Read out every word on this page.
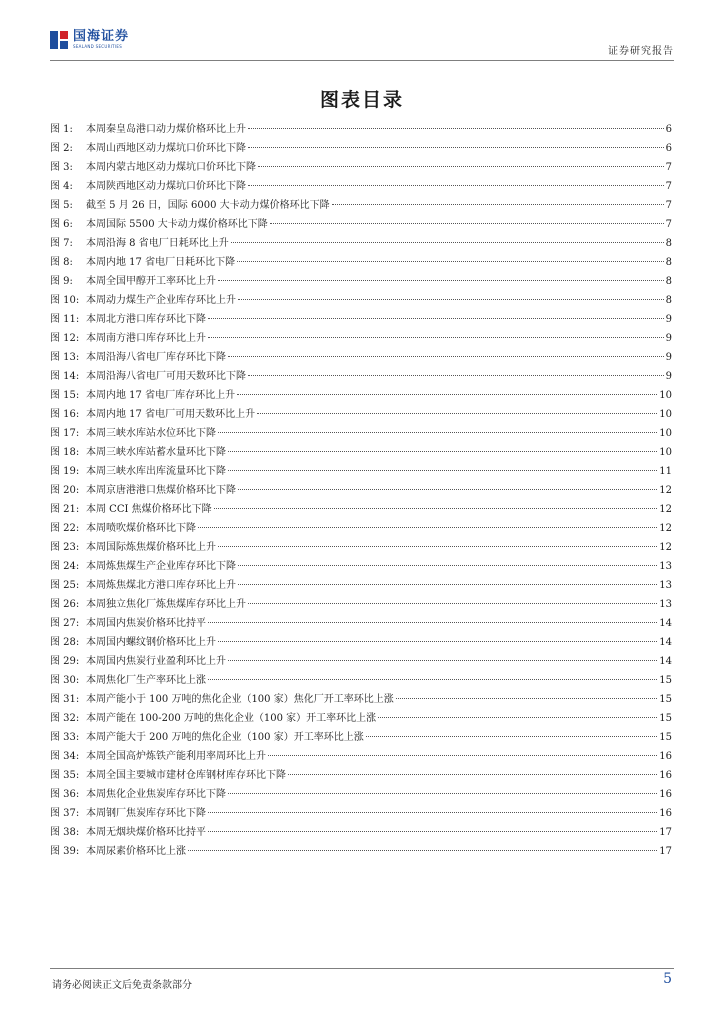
国海证券
SEALAND SECURITIES	证券研究报告
图表目录
图 1:	本周秦皇岛港口动力煤价格环比上升	6
图 2:	本周山西地区动力煤坑口价环比下降	6
图 3:	本周内蒙古地区动力煤坑口价环比下降	7
图 4:	本周陕西地区动力煤坑口价环比下降	7
图 5:	截至 5 月 26 日，国际 6000 大卡动力煤价格环比下降	7
图 6:	本周国际 5500 大卡动力煤价格环比下降	7
图 7:	本周沿海 8 省电厂日耗环比上升	8
图 8:	本周内地 17 省电厂日耗环比下降	8
图 9:	本周全国甲醇开工率环比上升	8
图 10: 本周动力煤生产企业库存环比上升	8
图 11: 本周北方港口库存环比下降	9
图 12: 本周南方港口库存环比上升	9
图 13: 本周沿海八省电厂库存环比下降	9
图 14: 本周沿海八省电厂可用天数环比下降	9
图 15: 本周内地 17 省电厂库存环比上升	10
图 16: 本周内地 17 省电厂可用天数环比上升	10
图 17: 本周三峡水库站水位环比下降	10
图 18: 本周三峡水库站蓄水量环比下降	10
图 19: 本周三峡水库出库流量环比下降	11
图 20: 本周京唐港港口焦煤价格环比下降	12
图 21: 本周 CCI 焦煤价格环比下降	12
图 22: 本周喷吹煤价格环比下降	12
图 23: 本周国际炼焦煤价格环比上升	12
图 24: 本周炼焦煤生产企业库存环比下降	13
图 25: 本周炼焦煤北方港口库存环比上升	13
图 26: 本周独立焦化厂炼焦煤库存环比上升	13
图 27: 本周国内焦炭价格环比持平	14
图 28: 本周国内螺纹钢价格环比上升	14
图 29: 本周国内焦炭行业盈利环比上升	14
图 30: 本周焦化厂生产率环比上涨	15
图 31: 本周产能小于 100 万吨的焦化企业（100 家）焦化厂开工率环比上涨	15
图 32: 本周产能在 100-200 万吨的焦化企业（100 家）开工率环比上涨	15
图 33: 本周产能大于 200 万吨的焦化企业（100 家）开工率环比上涨	15
图 34: 本周全国高炉炼铁产能利用率周环比上升	16
图 35: 本周全国主要城市建材仓库钢材库存环比下降	16
图 36: 本周焦化企业焦炭库存环比下降	16
图 37: 本周钢厂焦炭库存环比下降	16
图 38: 本周无烟块煤价格环比持平	17
图 39: 本周尿素价格环比上涨	17
请务必阅读正文后免责条款部分	5
